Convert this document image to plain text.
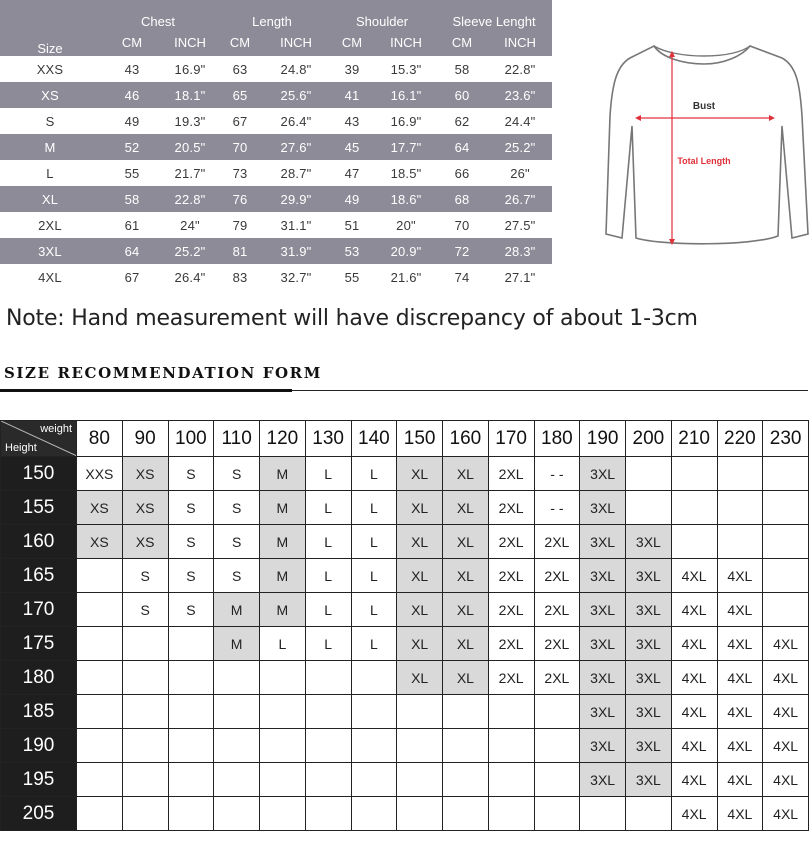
Size	Chest		Length		Shoulder		Sleeve Lenght	
	CM	INCH	CM	INCH	CM	INCH	CM	INCH
XXS	43	16.9"	63	24.8"	39	15.3"	58	22.8"
XS	46	18.1"	65	25.6"	41	16.1"	60	23.6"
S	49	19.3"	67	26.4"	43	16.9"	62	24.4"
M	52	20.5"	70	27.6"	45	17.7"	64	25.2"
L	55	21.7"	73	28.7"	47	18.5"	66	26"
XL	58	22.8"	76	29.9"	49	18.6"	68	26.7"
2XL	61	24"	79	31.1"	51	20"	70	27.5"
3XL	64	25.2"	81	31.9"	53	20.9"	72	28.3"
4XL	67	26.4"	83	32.7"	55	21.6"	74	27.1"
Bust
Total Length
Note: Hand measurement will have discrepancy of about 1-3cm
SIZE RECOMMENDATION FORM
weight
Height	80	90	100	110	120	130	140	150	160	170	180	190	200	210	220	230
150	XXS	XS	S	S	M	L	L	XL	XL	2XL	- -	3XL				
155	XS	XS	S	S	M	L	L	XL	XL	2XL	- -	3XL				
160	XS	XS	S	S	M	L	L	XL	XL	2XL	2XL	3XL	3XL			
165		S	S	S	M	L	L	XL	XL	2XL	2XL	3XL	3XL	4XL	4XL	
170		S	S	M	M	L	L	XL	XL	2XL	2XL	3XL	3XL	4XL	4XL	
175				M	L	L	L	XL	XL	2XL	2XL	3XL	3XL	4XL	4XL	4XL
180								XL	XL	2XL	2XL	3XL	3XL	4XL	4XL	4XL
185												3XL	3XL	4XL	4XL	4XL
190												3XL	3XL	4XL	4XL	4XL
195												3XL	3XL	4XL	4XL	4XL
205														4XL	4XL	4XL
